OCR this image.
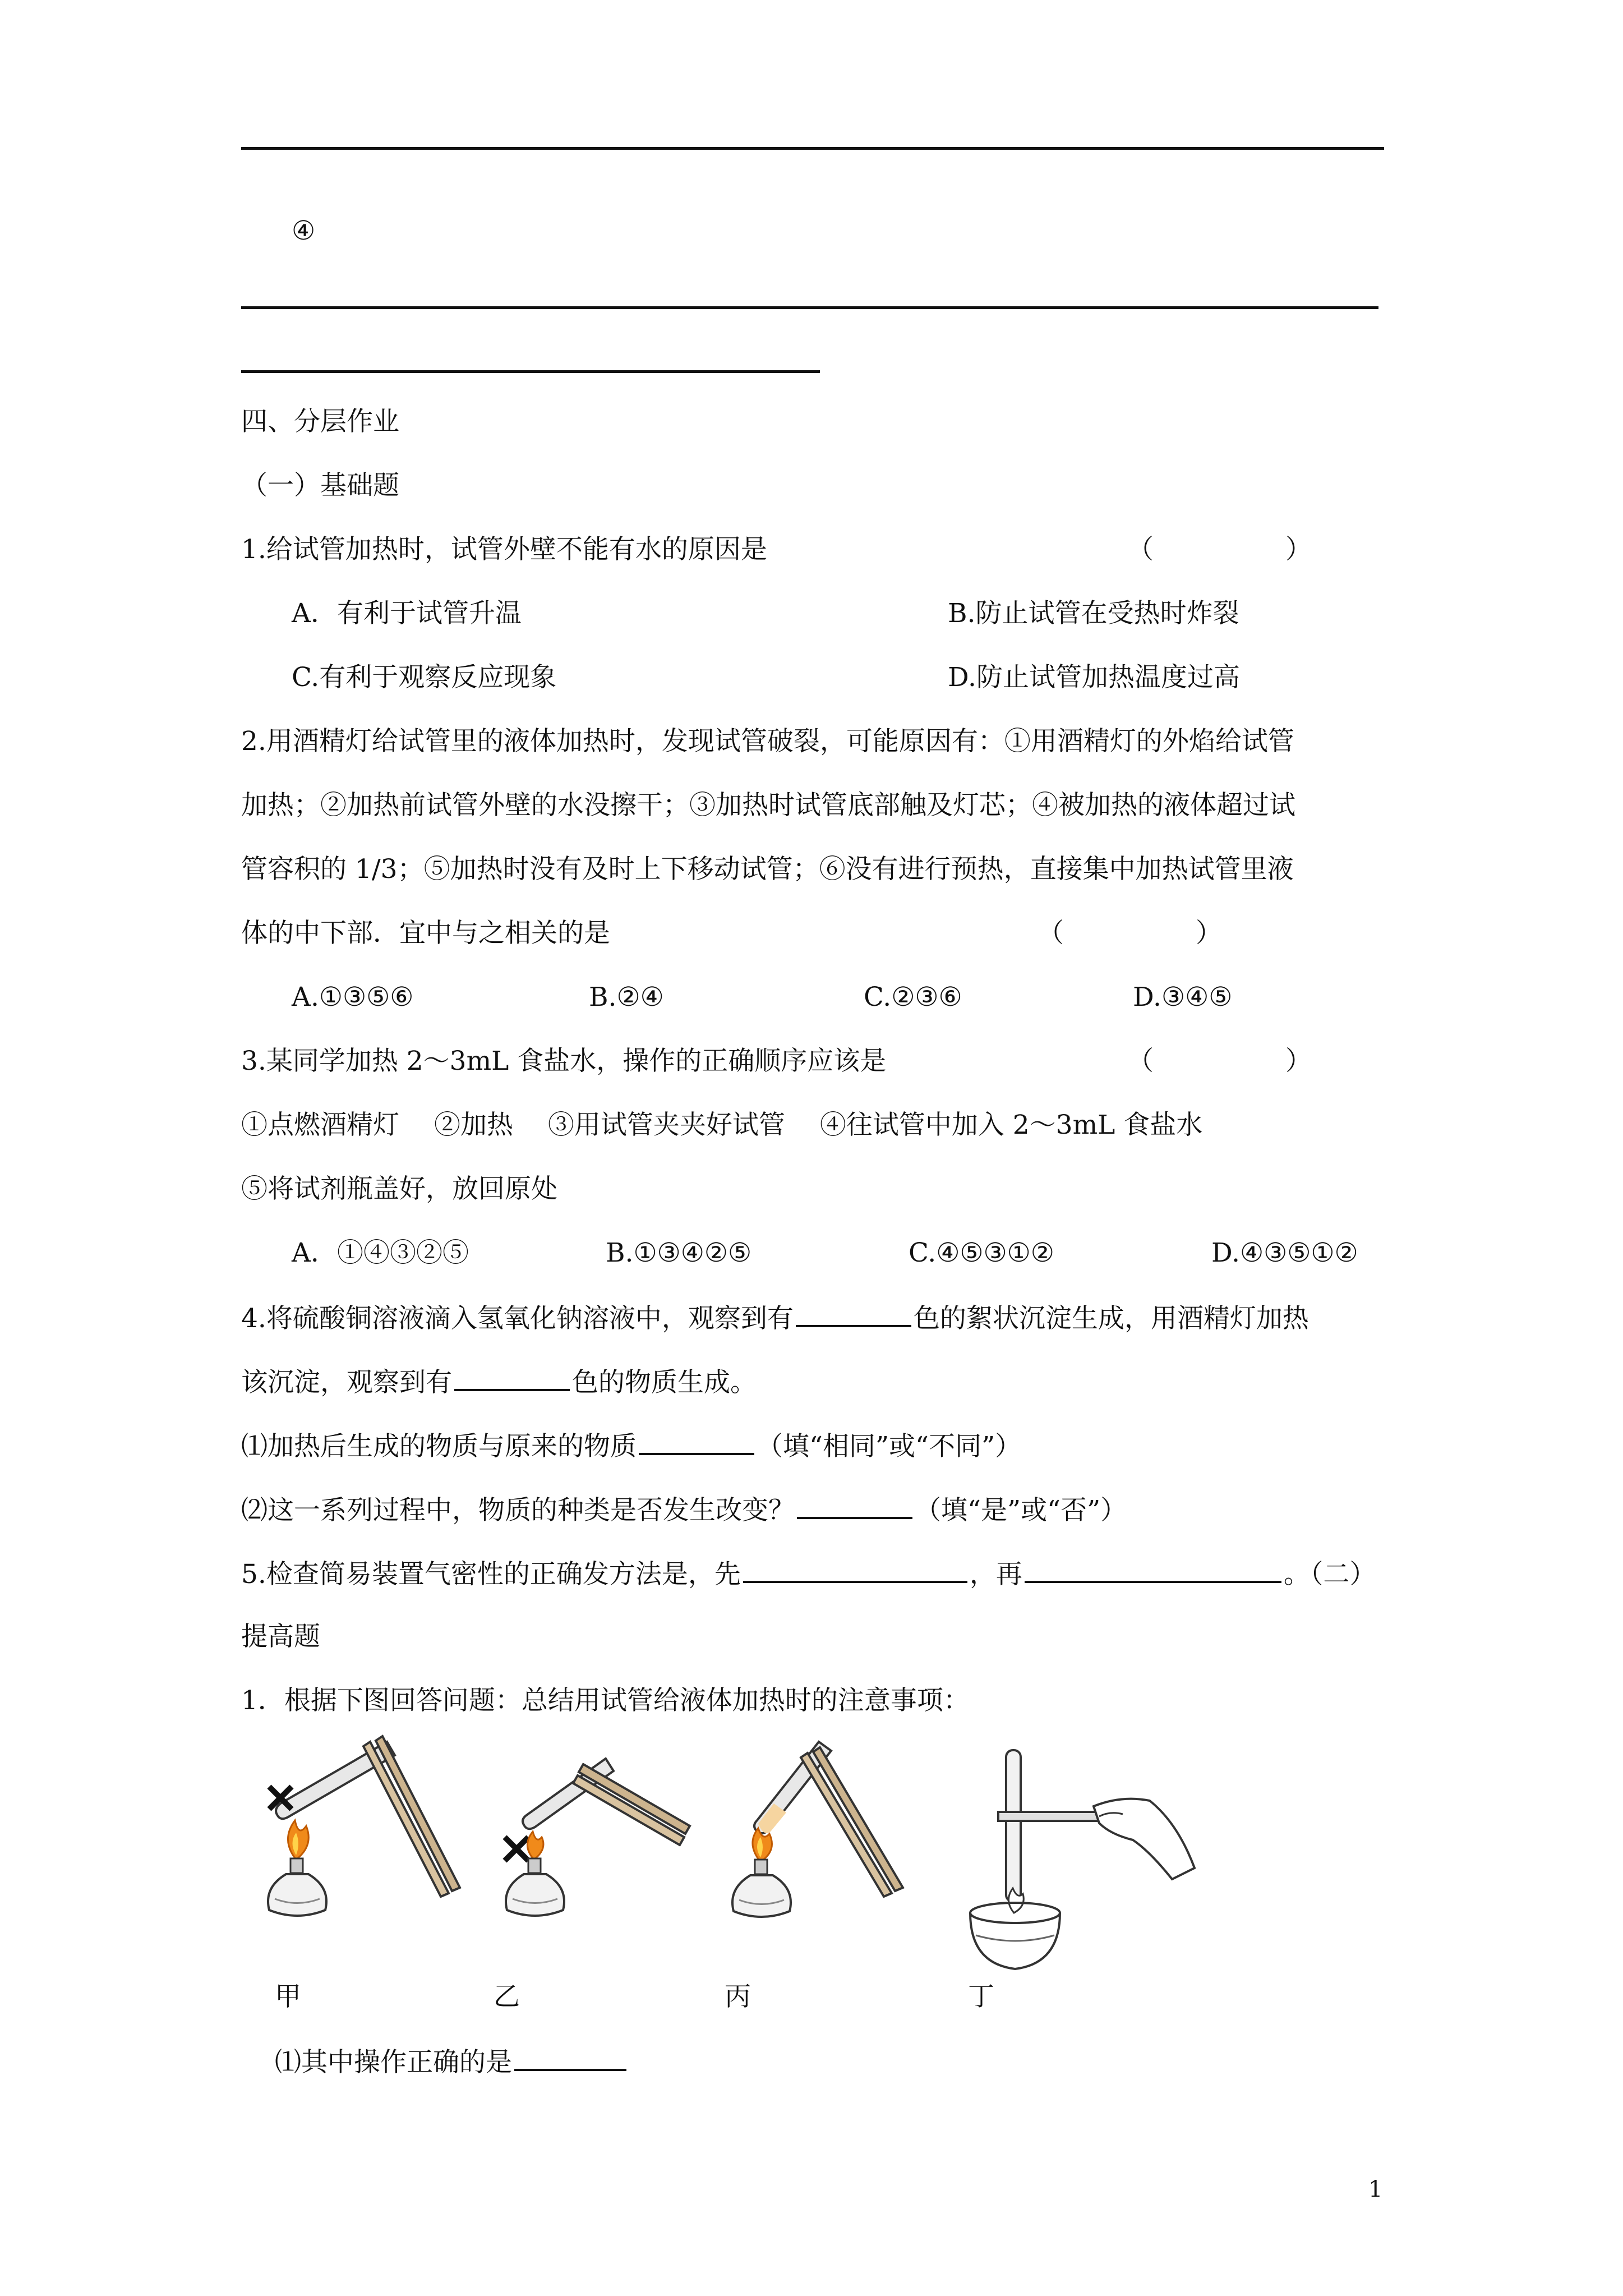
④
四、分层作业
（一）基础题
1.给试管加热时，试管外壁不能有水的原因是	（　　　　　）
A．有利于试管升温	B.防止试管在受热时炸裂
C.有利于观察反应现象	D.防止试管加热温度过高
2.用酒精灯给试管里的液体加热时，发现试管破裂，可能原因有：①用酒精灯的外焰给试管
加热；②加热前试管外壁的水没擦干；③加热时试管底部触及灯芯；④被加热的液体超过试
管容积的 1/3；⑤加热时没有及时上下移动试管；⑥没有进行预热，直接集中加热试管里液
体的中下部．宜中与之相关的是	（　　　　　）
A.①③⑤⑥	B.②④	C.②③⑥	D.③④⑤
3.某同学加热 2～3mL 食盐水，操作的正确顺序应该是	（　　　　　）
①点燃酒精灯　 ②加热　 ③用试管夹夹好试管　 ④往试管中加入 2～3mL 食盐水
⑤将试剂瓶盖好，放回原处
A．①④③②⑤	B.①③④②⑤	C.④⑤③①②	D.④③⑤①②
4.将硫酸铜溶液滴入氢氧化钠溶液中，观察到有	色的絮状沉淀生成，用酒精灯加热
该沉淀，观察到有	色的物质生成。
⑴加热后生成的物质与原来的物质	（填“相同”或“不同”）
⑵这一系列过程中，物质的种类是否发生改变？	（填“是”或“否”）
5.检查简易装置气密性的正确发方法是，先	，再	。（二）
提高题
1．根据下图回答问题：总结用试管给液体加热时的注意事项：
甲	乙	丙	丁
⑴其中操作正确的是
1
